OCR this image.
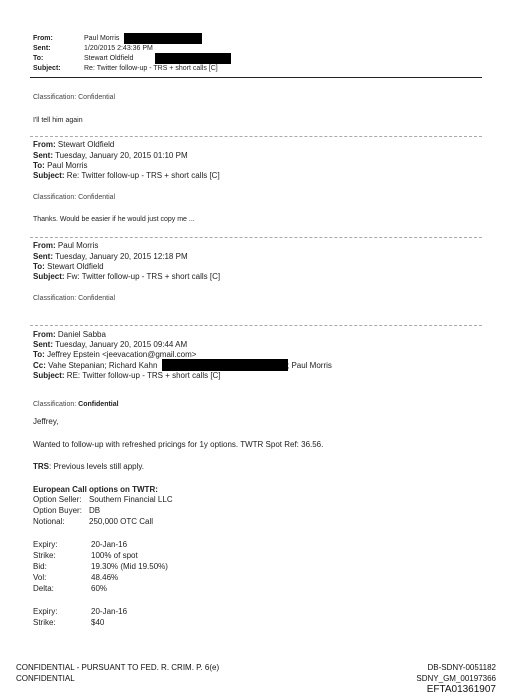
From:	Paul Morris
Sent:	1/20/2015 2:43:36 PM
To:	Stewart Oldfield
Subject:	Re: Twitter follow-up - TRS + short calls [C]
Classification: Confidential
I'll tell him again
From: Stewart Oldfield
Sent: Tuesday, January 20, 2015 01:10 PM
To: Paul Morris
Subject: Re: Twitter follow-up - TRS + short calls [C]
Classification: Confidential
Thanks. Would be easier if he would just copy me ...
From: Paul Morris
Sent: Tuesday, January 20, 2015 12:18 PM
To: Stewart Oldfield
Subject: Fw: Twitter follow-up - TRS + short calls [C]
Classification: Confidential
From: Daniel Sabba
Sent: Tuesday, January 20, 2015 09:44 AM
To: Jeffrey Epstein <jeevacation@gmail.com>
Cc: Vahe Stepanian; Richard Kahn	; Paul Morris
Subject: RE: Twitter follow-up - TRS + short calls [C]
Classification: Confidential
Jeffrey,
Wanted to follow-up with refreshed pricings for 1y options. TWTR Spot Ref: 36.56.
TRS: Previous levels still apply.
European Call options on TWTR:
Option Seller: Southern Financial LLC
Option Buyer: DB
Notional:	250,000 OTC Call
Expiry:	20-Jan-16
Strike:	100% of spot
Bid:	19.30% (Mid 19.50%)
Vol:	48.46%
Delta:	60%
Expiry:	20-Jan-16
Strike:	$40
CONFIDENTIAL - PURSUANT TO FED. R. CRIM. P. 6(e)
CONFIDENTIAL
DB-SDNY-0051182
SDNY_GM_00197366
EFTA01361907
